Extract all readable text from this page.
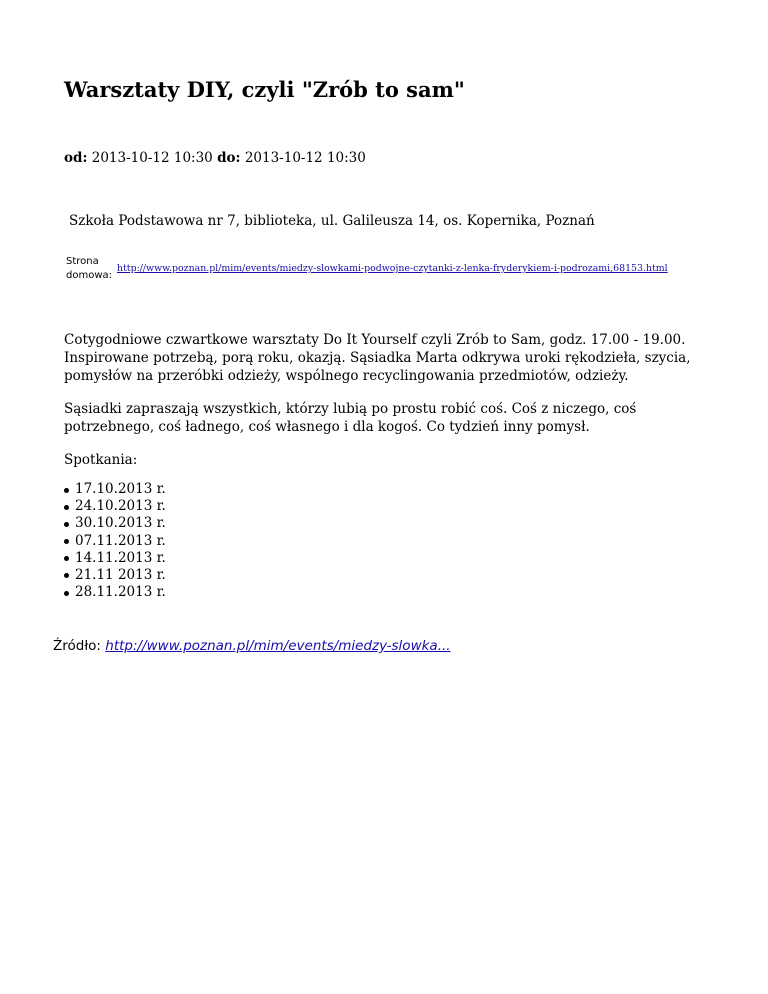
Warsztaty DIY, czyli "Zrób to sam"
od: 2013-10-12 10:30 do: 2013-10-12 10:30
Szkoła Podstawowa nr 7, biblioteka, ul. Galileusza 14, os. Kopernika, Poznań
Strona domowa:
http://www.poznan.pl/mim/events/miedzy-slowkami-podwojne-czytanki-z-lenka-fryderykiem-i-podrozami,68153.html

Cotygodniowe czwartkowe warsztaty Do It Yourself czyli Zrób to Sam, godz. 17.00 - 19.00. Inspirowane potrzebą, porą roku, okazją. Sąsiadka Marta odkrywa uroki rękodzieła, szycia, pomysłów na przeróbki odzieży, wspólnego recyclingowania przedmiotów, odzieży.

Sąsiadki zapraszają wszystkich, którzy lubią po prostu robić coś. Coś z niczego, coś potrzebnego, coś ładnego, coś własnego i dla kogoś. Co tydzień inny pomysł.

Spotkania:

17.10.2013 r.
24.10.2013 r.
30.10.2013 r.
07.11.2013 r.
14.11.2013 r.
21.11 2013 r.
28.11.2013 r.
Źródło: http://www.poznan.pl/mim/events/miedzy-slowka...
